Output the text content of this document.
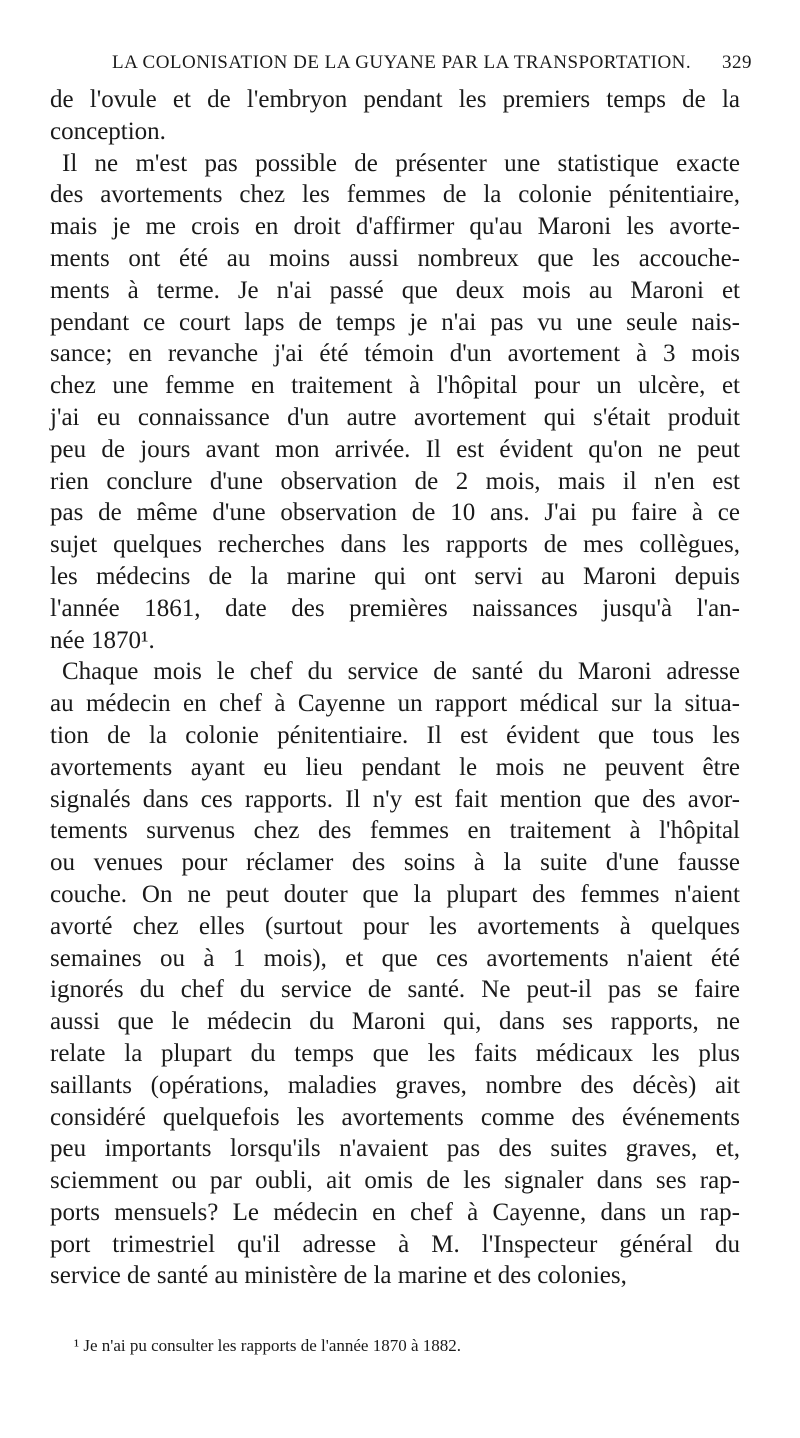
LA COLONISATION DE LA GUYANE PAR LA TRANSPORTATION. 329
de l'ovule et de l'embryon pendant les premiers temps de la
conception.
Il ne m'est pas possible de présenter une statistique exacte
des avortements chez les femmes de la colonie pénitentiaire,
mais je me crois en droit d'affirmer qu'au Maroni les avorte-
ments ont été au moins aussi nombreux que les accouche-
ments à terme. Je n'ai passé que deux mois au Maroni et
pendant ce court laps de temps je n'ai pas vu une seule nais-
sance; en revanche j'ai été témoin d'un avortement à 3 mois
chez une femme en traitement à l'hôpital pour un ulcère, et
j'ai eu connaissance d'un autre avortement qui s'était produit
peu de jours avant mon arrivée. Il est évident qu'on ne peut
rien conclure d'une observation de 2 mois, mais il n'en est
pas de même d'une observation de 10 ans. J'ai pu faire à ce
sujet quelques recherches dans les rapports de mes collègues,
les médecins de la marine qui ont servi au Maroni depuis
l'année 1861, date des premières naissances jusqu'à l'an-
née 1870¹.
Chaque mois le chef du service de santé du Maroni adresse
au médecin en chef à Cayenne un rapport médical sur la situa-
tion de la colonie pénitentiaire. Il est évident que tous les
avortements ayant eu lieu pendant le mois ne peuvent être
signalés dans ces rapports. Il n'y est fait mention que des avor-
tements survenus chez des femmes en traitement à l'hôpital
ou venues pour réclamer des soins à la suite d'une fausse
couche. On ne peut douter que la plupart des femmes n'aient
avorté chez elles (surtout pour les avortements à quelques
semaines ou à 1 mois), et que ces avortements n'aient été
ignorés du chef du service de santé. Ne peut-il pas se faire
aussi que le médecin du Maroni qui, dans ses rapports, ne
relate la plupart du temps que les faits médicaux les plus
saillants (opérations, maladies graves, nombre des décès) ait
considéré quelquefois les avortements comme des événements
peu importants lorsqu'ils n'avaient pas des suites graves, et,
sciemment ou par oubli, ait omis de les signaler dans ses rap-
ports mensuels? Le médecin en chef à Cayenne, dans un rap-
port trimestriel qu'il adresse à M. l'Inspecteur général du
service de santé au ministère de la marine et des colonies,
¹ Je n'ai pu consulter les rapports de l'année 1870 à 1882.
